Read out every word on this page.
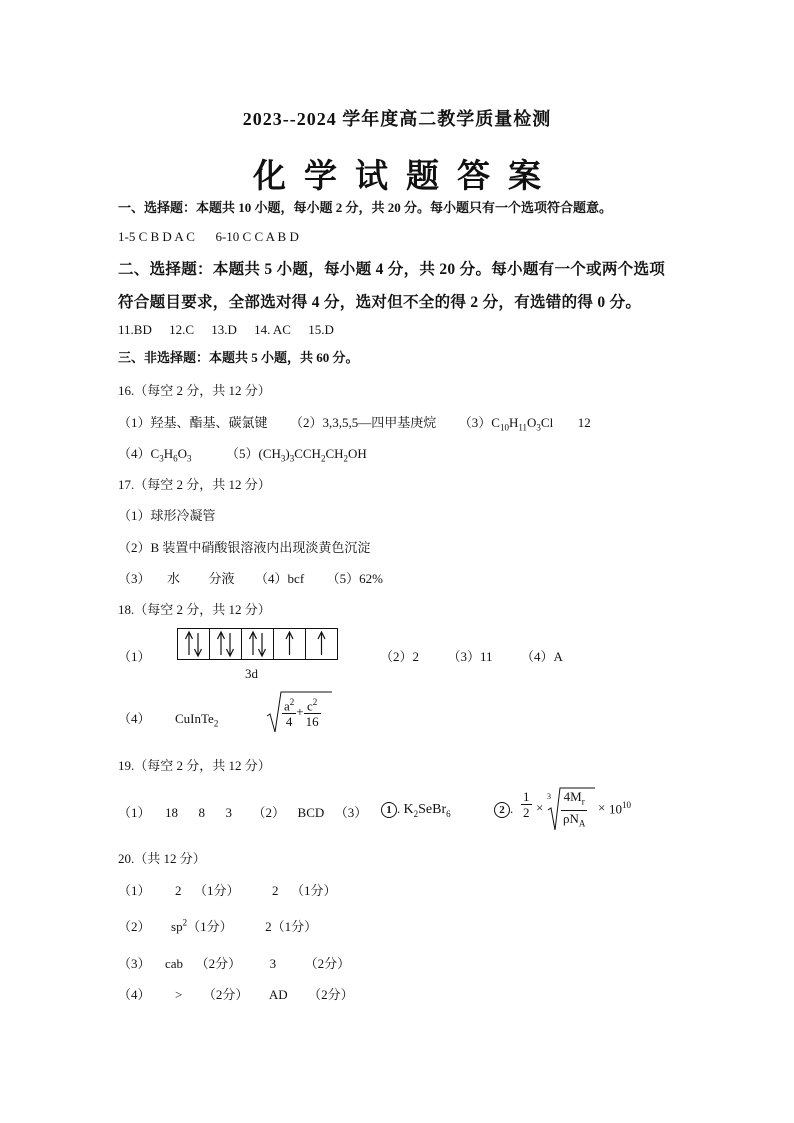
2023--2024 学年度高二教学质量检测
化学试题答案
一、选择题：本题共 10 小题，每小题 2 分，共 20 分。每小题只有一个选项符合题意。
1-5 C B D A C 6-10 C C A B D
二、选择题：本题共 5 小题，每小题 4 分，共 20 分。每小题有一个或两个选项
符合题目要求，全部选对得 4 分，选对但不全的得 2 分，有选错的得 0 分。
11.BD 12.C 13.D 14. AC 15.D
三、非选择题：本题共 5 小题，共 60 分。
16.（每空 2 分，共 12 分）
（1）羟基、酯基、碳氯键 （2）3,3,5,5—四甲基庚烷 $(3)C_{10}H_{11}O_3Cl$ 12
$(4)C_3H_6O_3$	$(5)(CH_3)_3CCH_2CH_2OH$
17.（每空 2 分，共 12 分）
（1）球形冷凝管
（2）B 装置中硝酸银溶液内出现淡黄色沉淀
（3） 水 分液 （4）bcf （5）62%
18.（每空 2 分，共 12 分）
（1）
3d
（2）2 （3）11 （4）A
（4） CuInTe$_2$	$\frac{a^2}{4} + \frac{c^2}{16}$
19.（每空 2 分，共 12 分）
（1） 18 8 3 （2） BCD （3）	1 . $K_2SeBr_6$	2 . $\frac{1}{2}$ ×
3 $4M_r$
$\rho N_A$
× $10^{10}$
20.（共 12 分）
（1） 2 （1分）	2 （1分）
（2） $sp^2(1$分）	2（1分）
（3） cab （2分） 3 （2分）
（4） > （2分） AD （2分）
